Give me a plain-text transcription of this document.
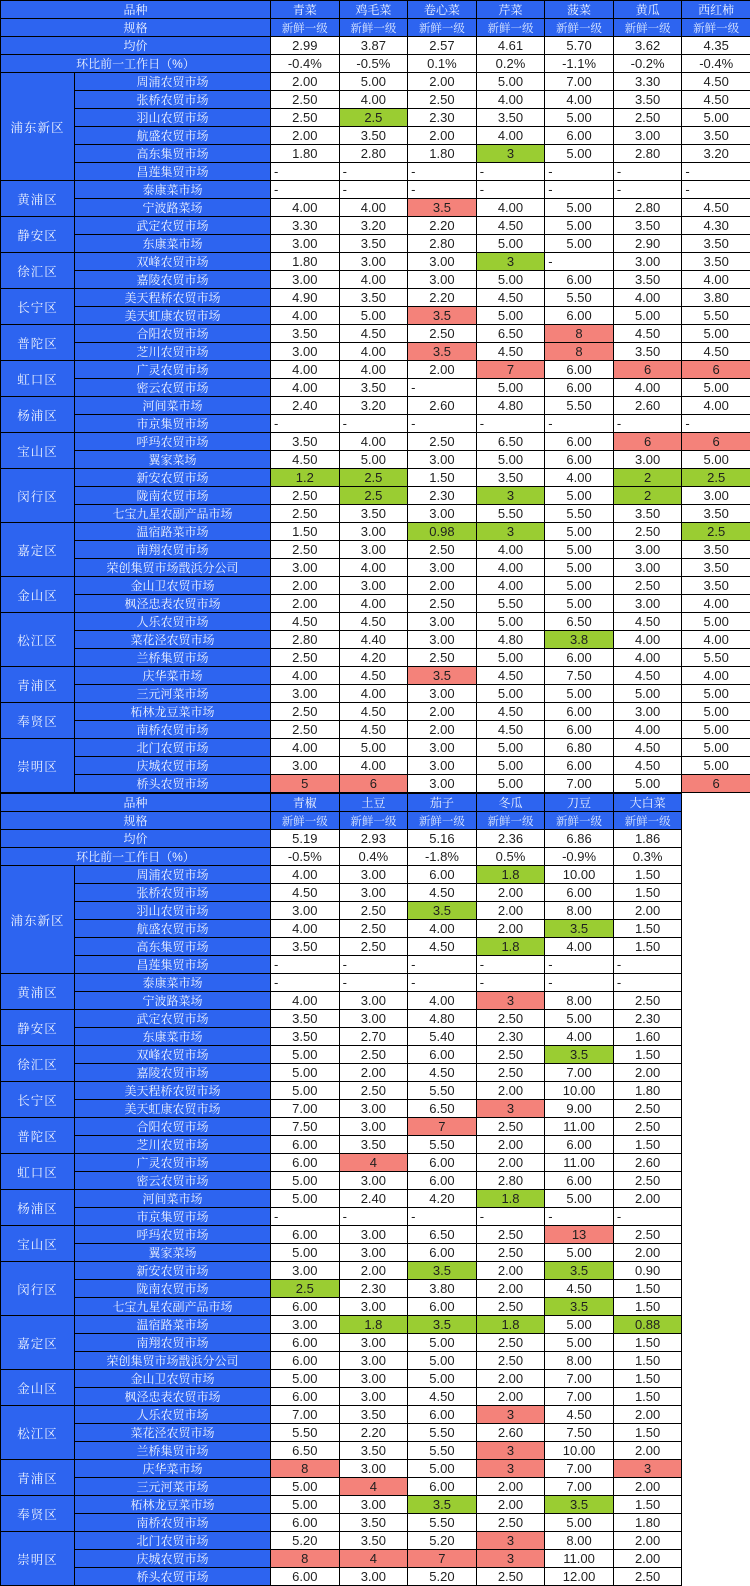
品种		青菜	鸡毛菜	卷心菜	芹菜	菠菜	黄瓜	西红柿
规格		新鲜一级	新鲜一级	新鲜一级	新鲜一级	新鲜一级	新鲜一级	新鲜一级
均价		2.99	3.87	2.57	4.61	5.70	3.62	4.35
环比前一工作日（%）		-0.4%	-0.5%	0.1%	0.2%	-1.1%	-0.2%	-0.4%
浦东新区	周浦农贸市场	2.00	5.00	2.00	5.00	7.00	3.30	4.50
	张桥农贸市场	2.50	4.00	2.50	4.00	4.00	3.50	4.50
	羽山农贸市场	2.50	2.5	2.30	3.50	5.00	2.50	5.00
	航盛农贸市场	2.00	3.50	2.00	4.00	6.00	3.00	3.50
	高东集贸市场	1.80	2.80	1.80	3	5.00	2.80	3.20
	昌莲集贸市场	-	-	-	-	-	-	-
黄浦区	泰康菜市场	-	-	-	-	-	-	-
	宁波路菜场	4.00	4.00	3.5	4.00	5.00	2.80	4.50
静安区	武定农贸市场	3.30	3.20	2.20	4.50	5.00	3.50	4.30
	东康菜市场	3.00	3.50	2.80	5.00	5.00	2.90	3.50
徐汇区	双峰农贸市场	1.80	3.00	3.00	3	-	3.00	3.50
	嘉陵农贸市场	3.00	4.00	3.00	5.00	6.00	3.50	4.00
长宁区	美天程桥农贸市场	4.90	3.50	2.20	4.50	5.50	4.00	3.80
	美天虹康农贸市场	4.00	5.00	3.5	5.00	6.00	5.00	5.50
普陀区	合阳农贸市场	3.50	4.50	2.50	6.50	8	4.50	5.00
	芝川农贸市场	3.00	4.00	3.5	4.50	8	3.50	4.50
虹口区	广灵农贸市场	4.00	4.00	2.00	7	6.00	6	6
	密云农贸市场	4.00	3.50	-	5.00	6.00	4.00	5.00
杨浦区	河间菜市场	2.40	3.20	2.60	4.80	5.50	2.60	4.00
	市京集贸市场	-	-	-	-	-	-	-
宝山区	呼玛农贸市场	3.50	4.00	2.50	6.50	6.00	6	6
	翼家菜场	4.50	5.00	3.00	5.00	6.00	3.00	5.00
闵行区	新安农贸市场	1.2	2.5	1.50	3.50	4.00	2	2.5
	陇南农贸市场	2.50	2.5	2.30	3	5.00	2	3.00
	七宝九星农副产品市场	2.50	3.50	3.00	5.50	5.50	3.50	3.50
嘉定区	温宿路菜市场	1.50	3.00	0.98	3	5.00	2.50	2.5
	南翔农贸市场	2.50	3.00	2.50	4.00	5.00	3.00	3.50
	荣创集贸市场戬浜分公司	3.00	4.00	3.00	4.00	5.00	3.00	3.50
金山区	金山卫农贸市场	2.00	3.00	2.00	4.00	5.00	2.50	3.50
	枫泾忠表农贸市场	2.00	4.00	2.50	5.50	5.00	3.00	4.00
松江区	人乐农贸市场	4.50	4.50	3.00	5.00	6.50	4.50	5.00
	菜花泾农贸市场	2.80	4.40	3.00	4.80	3.8	4.00	4.00
	兰桥集贸市场	2.50	4.20	2.50	5.00	6.00	4.00	5.50
青浦区	庆华菜市场	4.00	4.50	3.5	4.50	7.50	4.50	4.00
	三元河菜市场	3.00	4.00	3.00	5.00	5.00	5.00	5.00
奉贤区	柘林龙豆菜市场	2.50	4.50	2.00	4.50	6.00	3.00	5.00
	南桥农贸市场	2.50	4.50	2.00	4.50	6.00	4.00	5.00
崇明区	北门农贸市场	4.00	5.00	3.00	5.00	6.80	4.50	5.00
	庆城农贸市场	3.00	4.00	3.00	5.00	6.00	4.50	5.00
	桥头农贸市场	5	6	3.00	5.00	7.00	5.00	6
品种		青椒	土豆	茄子	冬瓜	刀豆	大白菜
规格		新鲜一级	新鲜一级	新鲜一级	新鲜一级	新鲜一级	新鲜一级
均价		5.19	2.93	5.16	2.36	6.86	1.86
环比前一工作日（%）		-0.5%	0.4%	-1.8%	0.5%	-0.9%	0.3%
浦东新区	周浦农贸市场	4.00	3.00	6.00	1.8	10.00	1.50
	张桥农贸市场	4.50	3.00	4.50	2.00	6.00	1.50
	羽山农贸市场	3.00	2.50	3.5	2.00	8.00	2.00
	航盛农贸市场	4.00	2.50	4.00	2.00	3.5	1.50
	高东集贸市场	3.50	2.50	4.50	1.8	4.00	1.50
	昌莲集贸市场	-	-	-	-	-	-
黄浦区	泰康菜市场	-	-	-	-	-	-
	宁波路菜场	4.00	3.00	4.00	3	8.00	2.50
静安区	武定农贸市场	3.50	3.00	4.80	2.50	5.00	2.30
	东康菜市场	3.50	2.70	5.40	2.30	4.00	1.60
徐汇区	双峰农贸市场	5.00	2.50	6.00	2.50	3.5	1.50
	嘉陵农贸市场	5.00	2.00	4.50	2.50	7.00	2.00
长宁区	美天程桥农贸市场	5.00	2.50	5.50	2.00	10.00	1.80
	美天虹康农贸市场	7.00	3.00	6.50	3	9.00	2.50
普陀区	合阳农贸市场	7.50	3.00	7	2.50	11.00	2.50
	芝川农贸市场	6.00	3.50	5.50	2.00	6.00	1.50
虹口区	广灵农贸市场	6.00	4	6.00	2.00	11.00	2.60
	密云农贸市场	5.00	3.00	6.00	2.80	6.00	2.50
杨浦区	河间菜市场	5.00	2.40	4.20	1.8	5.00	2.00
	市京集贸市场	-	-	-	-	-	-
宝山区	呼玛农贸市场	6.00	3.00	6.50	2.50	13	2.50
	翼家菜场	5.00	3.00	6.00	2.50	5.00	2.00
闵行区	新安农贸市场	3.00	2.00	3.5	2.00	3.5	0.90
	陇南农贸市场	2.5	2.30	3.80	2.00	4.50	1.50
	七宝九星农副产品市场	6.00	3.00	6.00	2.50	3.5	1.50
嘉定区	温宿路菜市场	3.00	1.8	3.5	1.8	5.00	0.88
	南翔农贸市场	6.00	3.00	5.00	2.50	5.00	1.50
	荣创集贸市场戬浜分公司	6.00	3.00	5.00	2.50	8.00	1.50
金山区	金山卫农贸市场	5.00	3.00	5.00	2.00	7.00	1.50
	枫泾忠表农贸市场	6.00	3.00	4.50	2.00	7.00	1.50
松江区	人乐农贸市场	7.00	3.50	6.00	3	4.50	2.00
	菜花泾农贸市场	5.50	2.20	5.50	2.60	7.50	1.50
	兰桥集贸市场	6.50	3.50	5.50	3	10.00	2.00
青浦区	庆华菜市场	8	3.00	5.00	3	7.00	3
	三元河菜市场	5.00	4	6.00	2.00	7.00	2.00
奉贤区	柘林龙豆菜市场	5.00	3.00	3.5	2.00	3.5	1.50
	南桥农贸市场	6.00	3.50	5.50	2.50	5.00	1.80
崇明区	北门农贸市场	5.20	3.50	5.20	3	8.00	2.00
	庆城农贸市场	8	4	7	3	11.00	2.00
	桥头农贸市场	6.00	3.00	5.20	2.50	12.00	2.50
